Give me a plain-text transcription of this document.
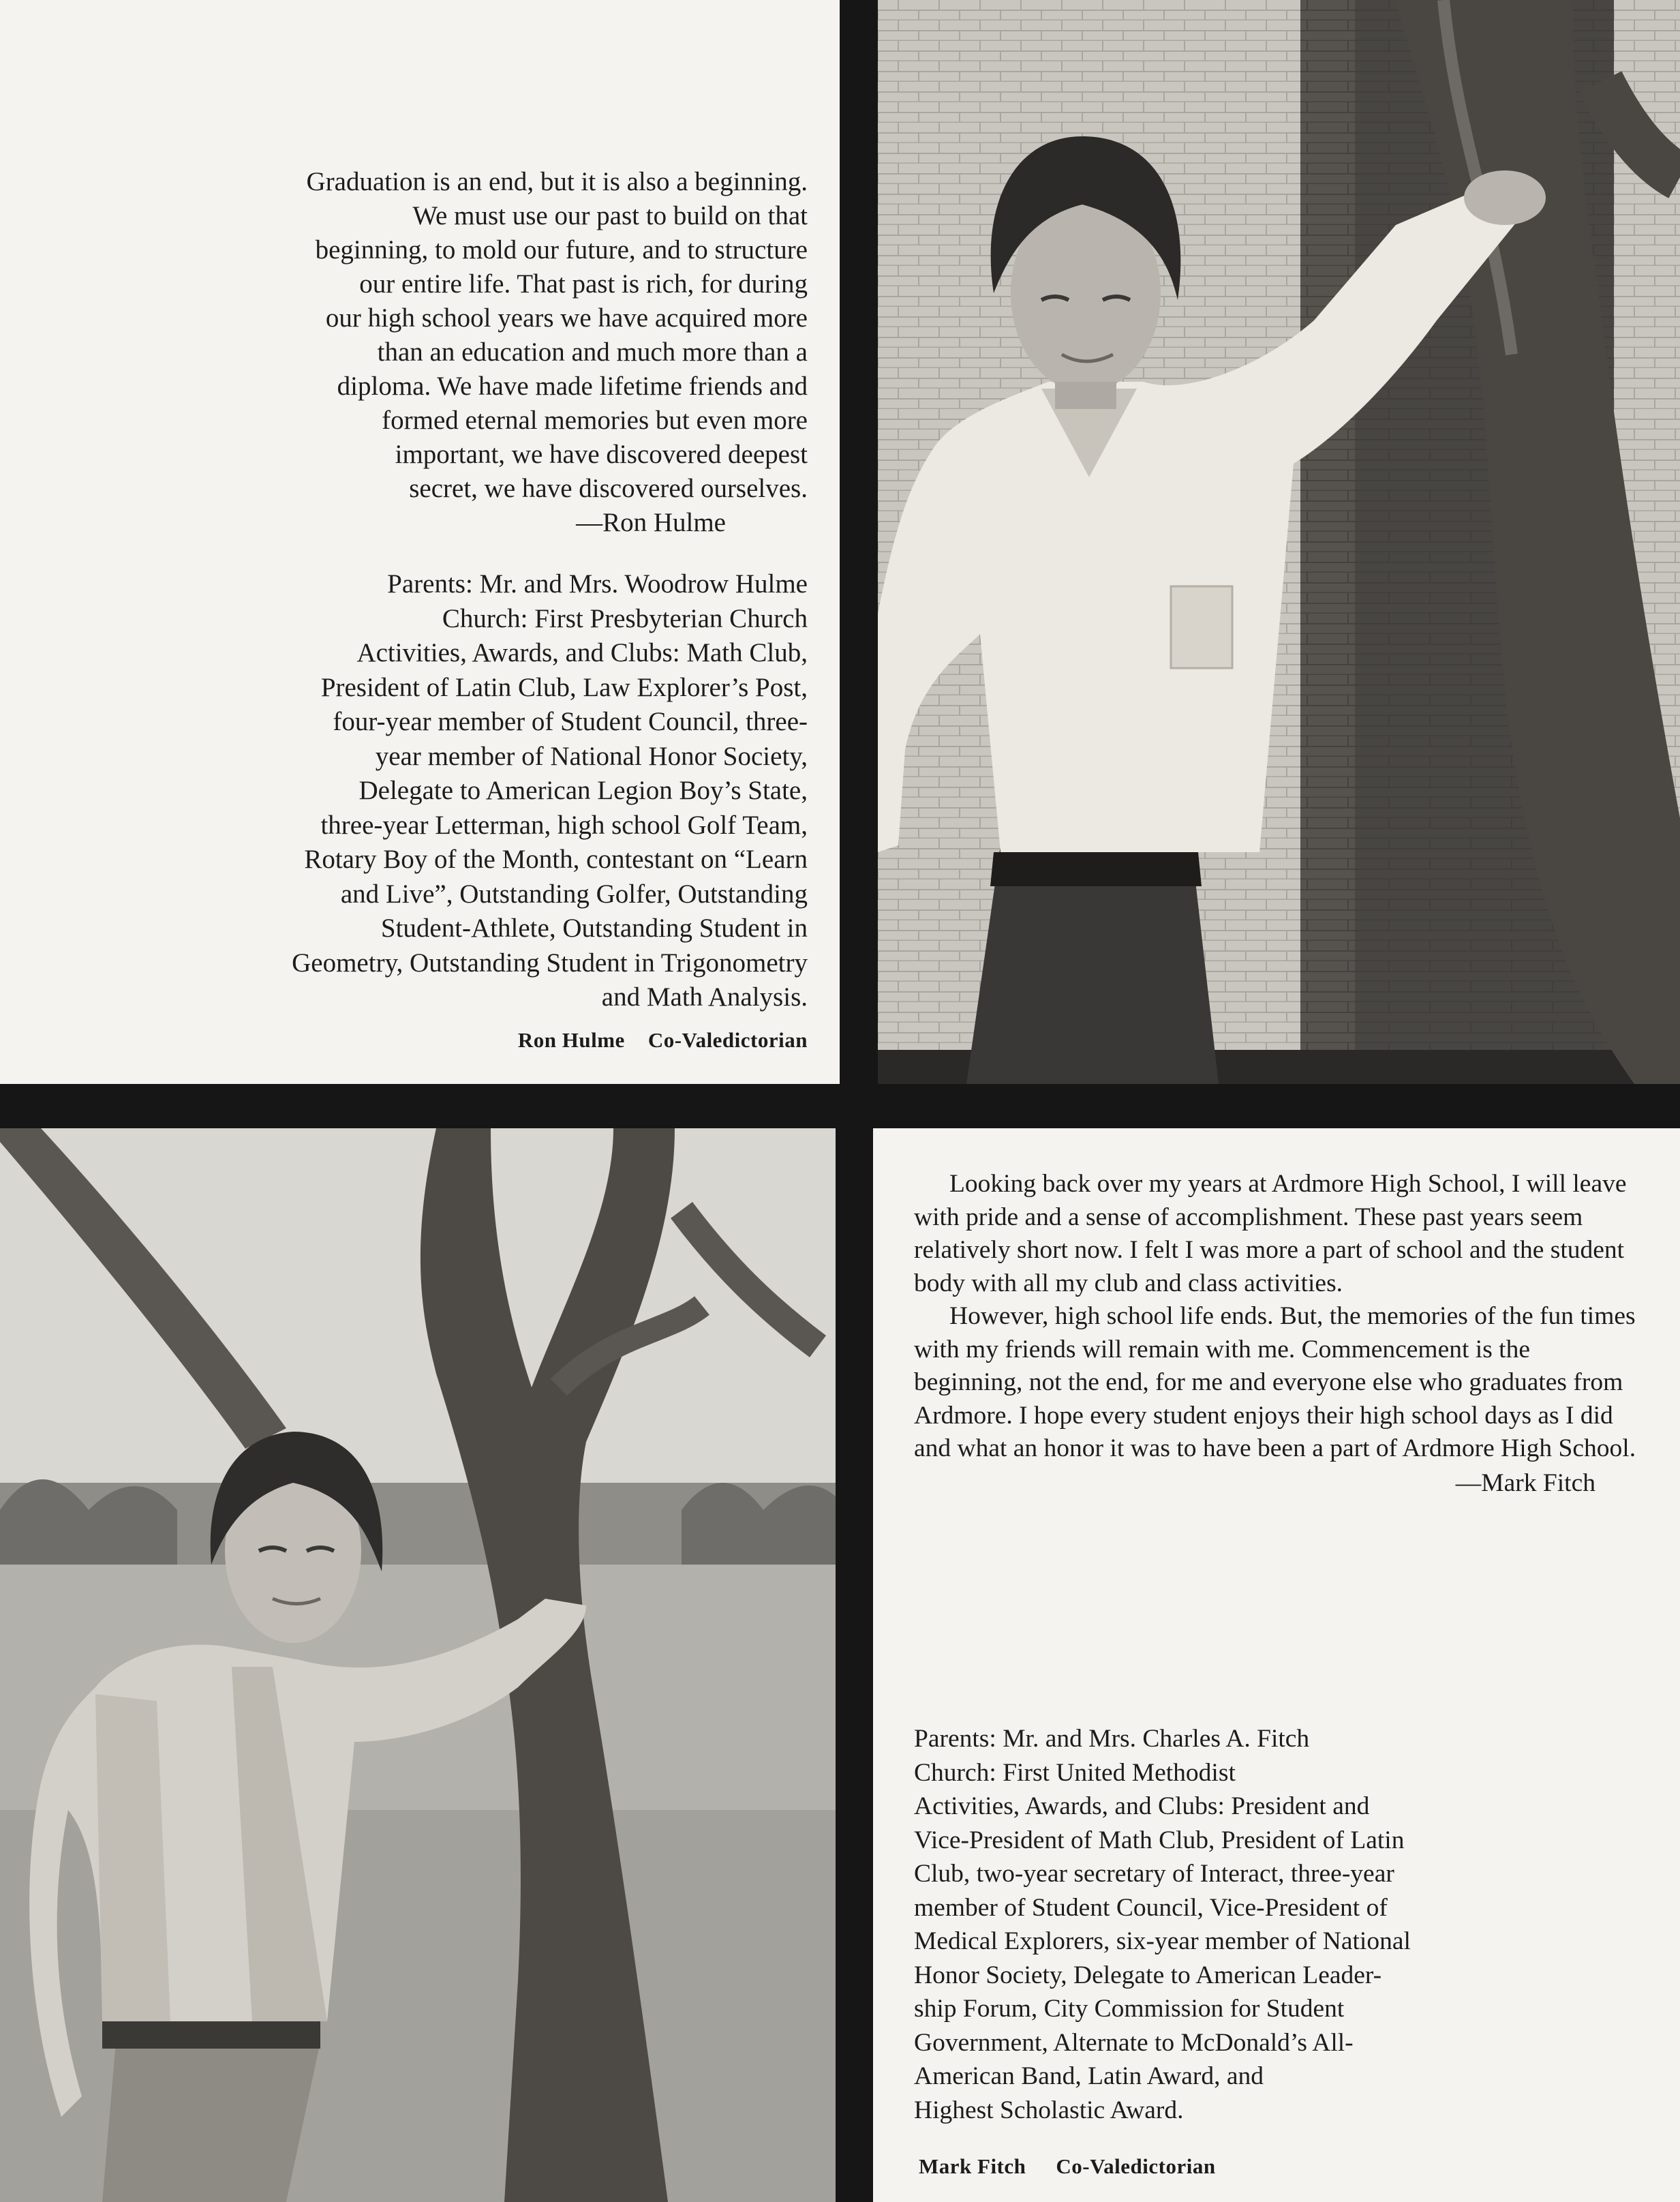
Graduation is an end, but it is also a beginning.
We must use our past to build on that
beginning, to mold our future, and to structure
our entire life. That past is rich, for during
our high school years we have acquired more
than an education and much more than a
diploma. We have made lifetime friends and
formed eternal memories but even more
important, we have discovered deepest
secret, we have discovered ourselves.
—Ron Hulme
Parents: Mr. and Mrs. Woodrow Hulme
Church: First Presbyterian Church
Activities, Awards, and Clubs: Math Club,
President of Latin Club, Law Explorer’s Post,
four-year member of Student Council, three-
year member of National Honor Society,
Delegate to American Legion Boy’s State,
three-year Letterman, high school Golf Team,
Rotary Boy of the Month, contestant on “Learn
and Live”, Outstanding Golfer, Outstanding
Student-Athlete, Outstanding Student in
Geometry, Outstanding Student in Trigonometry
and Math Analysis.
Ron Hulme Co-Valedictorian

Looking back over my years at Ardmore High School, I will leave with pride and a sense of accomplishment. These past years seem relatively short now. I felt I was more a part of school and the student body with all my club and class activities.

However, high school life ends. But, the memories of the fun times with my friends will remain with me. Commencement is the beginning, not the end, for me and everyone else who graduates from Ardmore. I hope every student enjoys their high school days as I did and what an honor it was to have been a part of Ardmore High School.

—Mark Fitch
Parents: Mr. and Mrs. Charles A. Fitch
Church: First United Methodist
Activities, Awards, and Clubs: President and
Vice-President of Math Club, President of Latin
Club, two-year secretary of Interact, three-year
member of Student Council, Vice-President of
Medical Explorers, six-year member of National
Honor Society, Delegate to American Leader-
ship Forum, City Commission for Student
Government, Alternate to McDonald’s All-
American Band, Latin Award, and
Highest Scholastic Award.
Mark Fitch Co-Valedictorian
